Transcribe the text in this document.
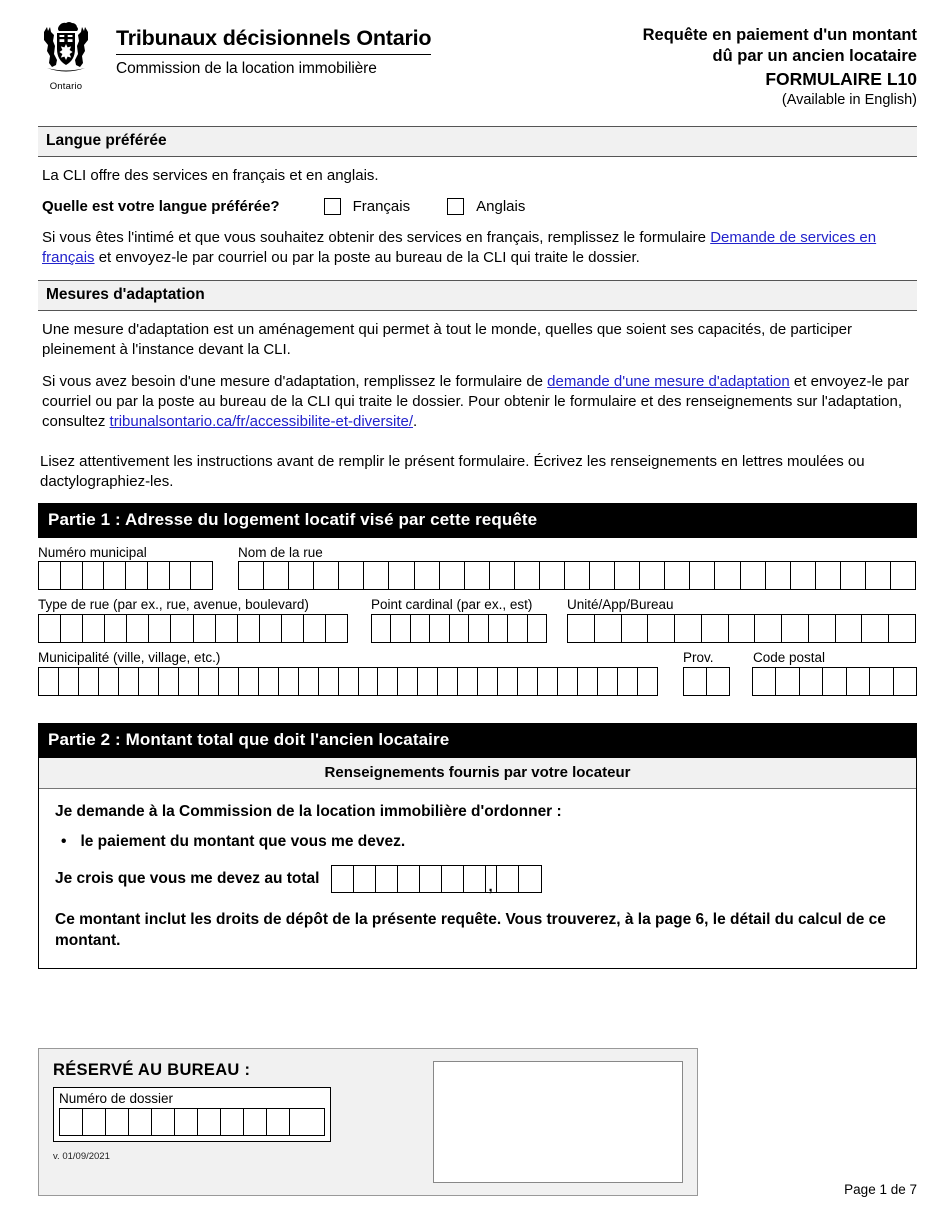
Ontario
Tribunaux décisionnels Ontario
Commission de la location immobilière
Requête en paiement d'un montant
dû par un ancien locataire
FORMULAIRE L10
(Available in English)
Langue préférée

La CLI offre des services en français et en anglais.

Quelle est votre langue préférée?	Français	Anglais

Si vous êtes l'intimé et que vous souhaitez obtenir des services en français, remplissez le formulaire Demande de services en français et envoyez-le par courriel ou par la poste au bureau de la CLI qui traite le dossier.

Mesures d'adaptation

Une mesure d'adaptation est un aménagement qui permet à tout le monde, quelles que soient ses capacités, de participer pleinement à l'instance devant la CLI.

Si vous avez besoin d'une mesure d'adaptation, remplissez le formulaire de demande d'une mesure d'adaptation et envoyez-le par courriel ou par la poste au bureau de la CLI qui traite le dossier. Pour obtenir le formulaire et des renseignements sur l'adaptation, consultez tribunalsontario.ca/fr/accessibilite-et-diversite/.

Lisez attentivement les instructions avant de remplir le présent formulaire. Écrivez les renseignements en lettres moulées ou dactylographiez-les.

Partie 1 : Adresse du logement locatif visé par cette requête
Numéro municipal	Nom de la rue
Type de rue (par ex., rue, avenue, boulevard)	Point cardinal (par ex., est)	Unité/App/Bureau
Municipalité (ville, village, etc.)	Prov.	Code postal
Partie 2 : Montant total que doit l'ancien locataire
Renseignements fournis par votre locateur
Je demande à la Commission de la location immobilière d'ordonner :
• le paiement du montant que vous me devez.
Je crois que vous me devez au total
,
Ce montant inclut les droits de dépôt de la présente requête. Vous trouverez, à la page 6, le détail du calcul de ce montant.
RÉSERVÉ AU BUREAU :
Numéro de dossier
v. 01/09/2021
Page 1 de 7
